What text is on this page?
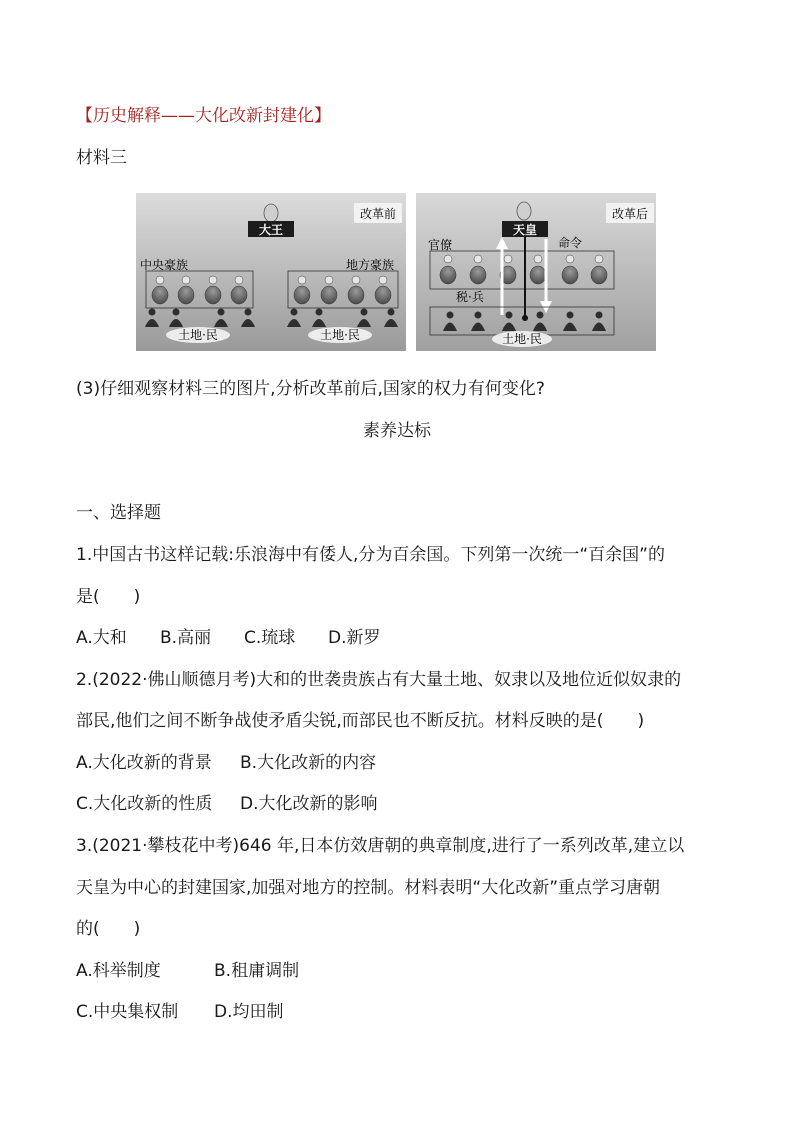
【历史解释——大化改新封建化】
材料三
改革前
大王
中央豪族	地方豪族
土地·民	土地·民
改革后
天皇
官僚	命令
税·兵
土地·民
(3)仔细观察材料三的图片,分析改革前后,国家的权力有何变化?
素养达标
一、选择题
1.中国古书这样记载:乐浪海中有倭人,分为百余国。下列第一次统一“百余国”的
是(　　)
A.大和 B.高丽 C.琉球 D.新罗
2.(2022·佛山顺德月考)大和的世袭贵族占有大量土地、奴隶以及地位近似奴隶的
部民,他们之间不断争战使矛盾尖锐,而部民也不断反抗。材料反映的是(　　)
A.大化改新的背景 B.大化改新的内容
C.大化改新的性质 D.大化改新的影响
3.(2021·攀枝花中考)646 年,日本仿效唐朝的典章制度,进行了一系列改革,建立以
天皇为中心的封建国家,加强对地方的控制。材料表明“大化改新”重点学习唐朝
的(　　)
A.科举制度	B.租庸调制
C.中央集权制 D.均田制
